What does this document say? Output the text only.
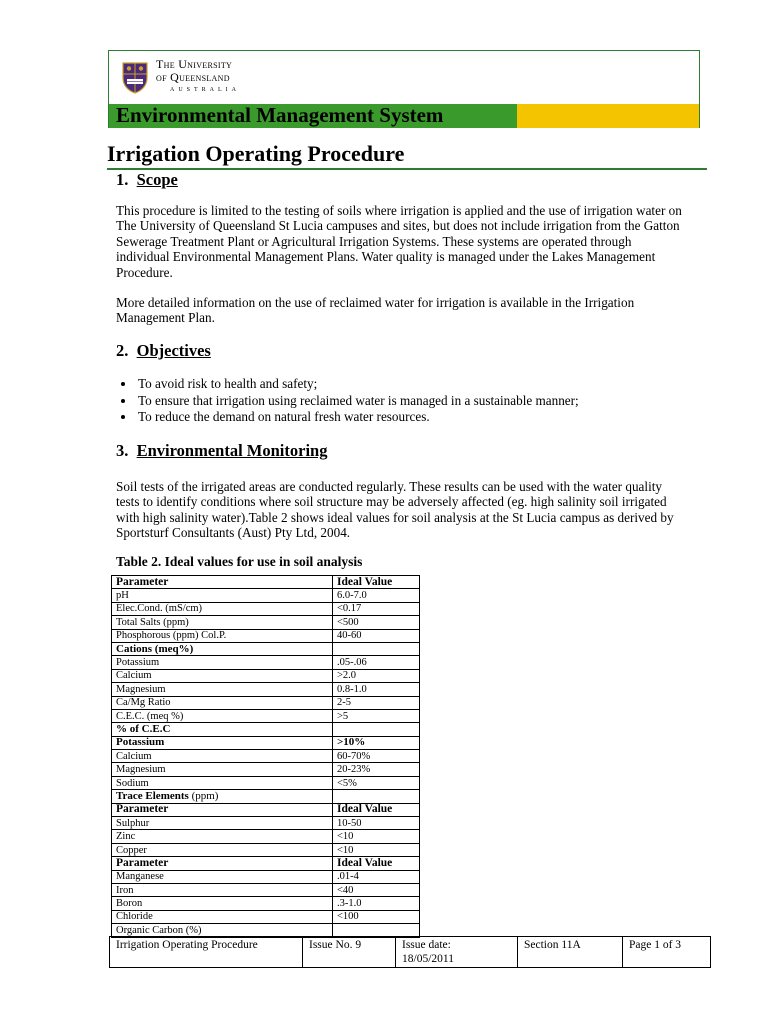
The University
of Queensland
AUSTRALIA
Environmental Management System
Irrigation Operating Procedure
1. Scope
This procedure is limited to the testing of soils where irrigation is applied and the use of irrigation water on The University of Queensland St Lucia campuses and sites, but does not include irrigation from the Gatton Sewerage Treatment Plant or Agricultural Irrigation Systems. These systems are operated through individual Environmental Management Plans. Water quality is managed under the Lakes Management Procedure.
More detailed information on the use of reclaimed water for irrigation is available in the Irrigation Management Plan.
2. Objectives
• To avoid risk to health and safety;
• To ensure that irrigation using reclaimed water is managed in a sustainable manner;
• To reduce the demand on natural fresh water resources.
3. Environmental Monitoring
Soil tests of the irrigated areas are conducted regularly. These results can be used with the water quality tests to identify conditions where soil structure may be adversely affected (eg. high salinity soil irrigated with high salinity water).Table 2 shows ideal values for soil analysis at the St Lucia campus as derived by Sportsturf Consultants (Aust) Pty Ltd, 2004.
Table 2. Ideal values for use in soil analysis
Parameter	Ideal Value
pH	6.0-7.0
Elec.Cond. (mS/cm)	<0.17
Total Salts (ppm)	<500
Phosphorous (ppm) Col.P.	40-60
Cations (meq%)	
Potassium	.05-.06
Calcium	>2.0
Magnesium	0.8-1.0
Ca/Mg Ratio	2-5
C.E.C. (meq %)	>5
% of C.E.C	
Potassium	>10%
Calcium	60-70%
Magnesium	20-23%
Sodium	<5%
Trace Elements (ppm)	
Parameter	Ideal Value
Sulphur	10-50
Zinc	<10
Copper	<10
Parameter	Ideal Value
Manganese	.01-4
Iron	<40
Boron	.3-1.0
Chloride	<100
Organic Carbon (%)	
Irrigation Operating Procedure	Issue No. 9	Issue date:
18/05/2011
	Section 11A	Page 1 of 3
